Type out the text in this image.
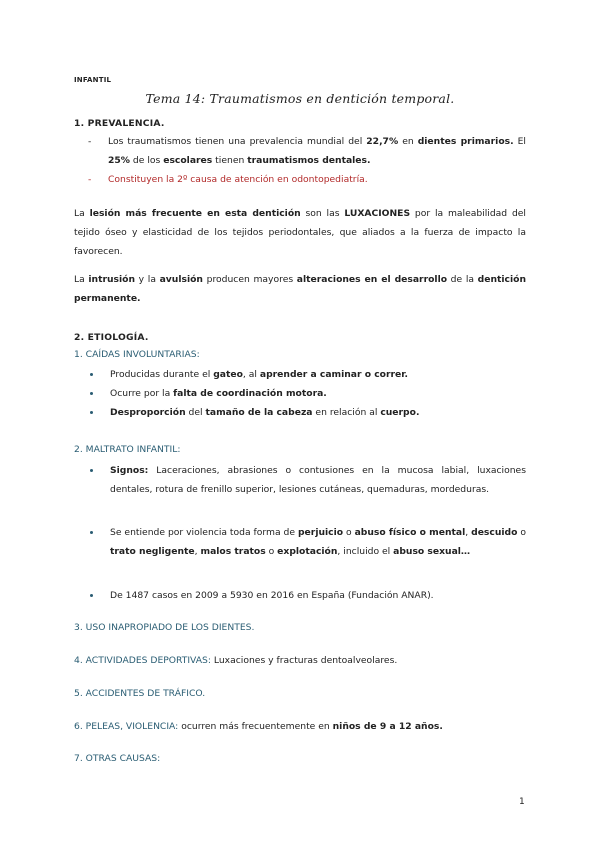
INFANTIL
Tema 14: Traumatismos en dentición temporal.
1. PREVALENCIA.
- Los traumatismos tienen una prevalencia mundial del 22,7% en dientes primarios. El 25% de los escolares tienen traumatismos dentales.
- Constituyen la 2º causa de atención en odontopediatría.
La lesión más frecuente en esta dentición son las LUXACIONES por la maleabilidad del tejido óseo y elasticidad de los tejidos periodontales, que aliados a la fuerza de impacto la favorecen.
La intrusión y la avulsión producen mayores alteraciones en el desarrollo de la dentición permanente.
2. ETIOLOGÍA.
1. CAÍDAS INVOLUNTARIAS:
Producidas durante el gateo, al aprender a caminar o correr.
Ocurre por la falta de coordinación motora.
Desproporción del tamaño de la cabeza en relación al cuerpo.
2. MALTRATO INFANTIL:
Signos: Laceraciones, abrasiones o contusiones en la mucosa labial, luxaciones dentales, rotura de frenillo superior, lesiones cutáneas, quemaduras, mordeduras.
Se entiende por violencia toda forma de perjuicio o abuso físico o mental, descuido o trato negligente, malos tratos o explotación, incluido el abuso sexual…
De 1487 casos en 2009 a 5930 en 2016 en España (Fundación ANAR).
3. USO INAPROPIADO DE LOS DIENTES.
4. ACTIVIDADES DEPORTIVAS: Luxaciones y fracturas dentoalveolares.
5. ACCIDENTES DE TRÁFICO.
6. PELEAS, VIOLENCIA: ocurren más frecuentemente en niños de 9 a 12 años.
7. OTRAS CAUSAS:
1
